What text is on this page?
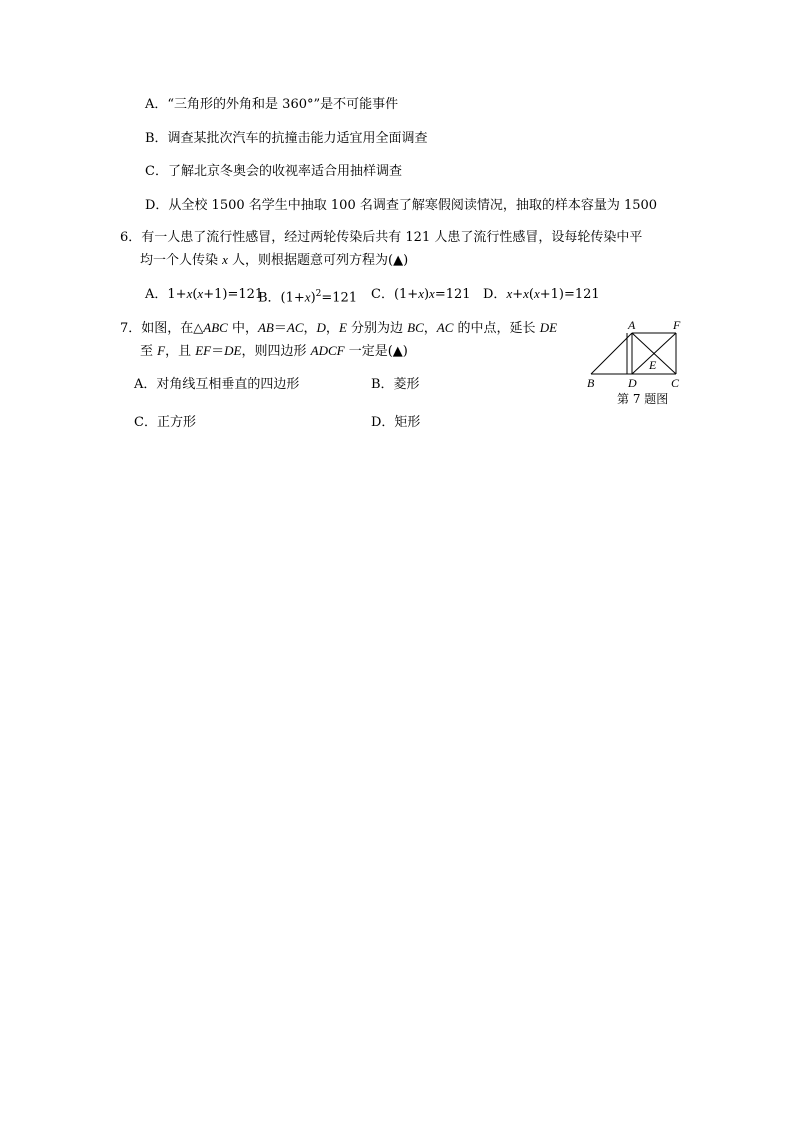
A．“三角形的外角和是 360°”是不可能事件
B．调查某批次汽车的抗撞击能力适宜用全面调查
C．了解北京冬奥会的收视率适合用抽样调查
D．从全校 1500 名学生中抽取 100 名调查了解寒假阅读情况，抽取的样本容量为 1500
6．有一人患了流行性感冒，经过两轮传染后共有 121 人患了流行性感冒，设每轮传染中平
均一个人传染 x 人，则根据题意可列方程为(▲)
A．1+x(x+1)=121
B．$(1+x)^2=121$ C．(1+x)x=121 D．x+x(x+1)=121
7．如图，在△ABC 中，AB＝AC，D，E 分别为边 BC，AC 的中点，延长 DE
至 F，且 EF＝DE，则四边形 ADCF 一定是(▲)
A．对角线互相垂直的四边形	B．菱形
C．正方形	D．矩形
A	F
B	D
E
C
第 7 题图
